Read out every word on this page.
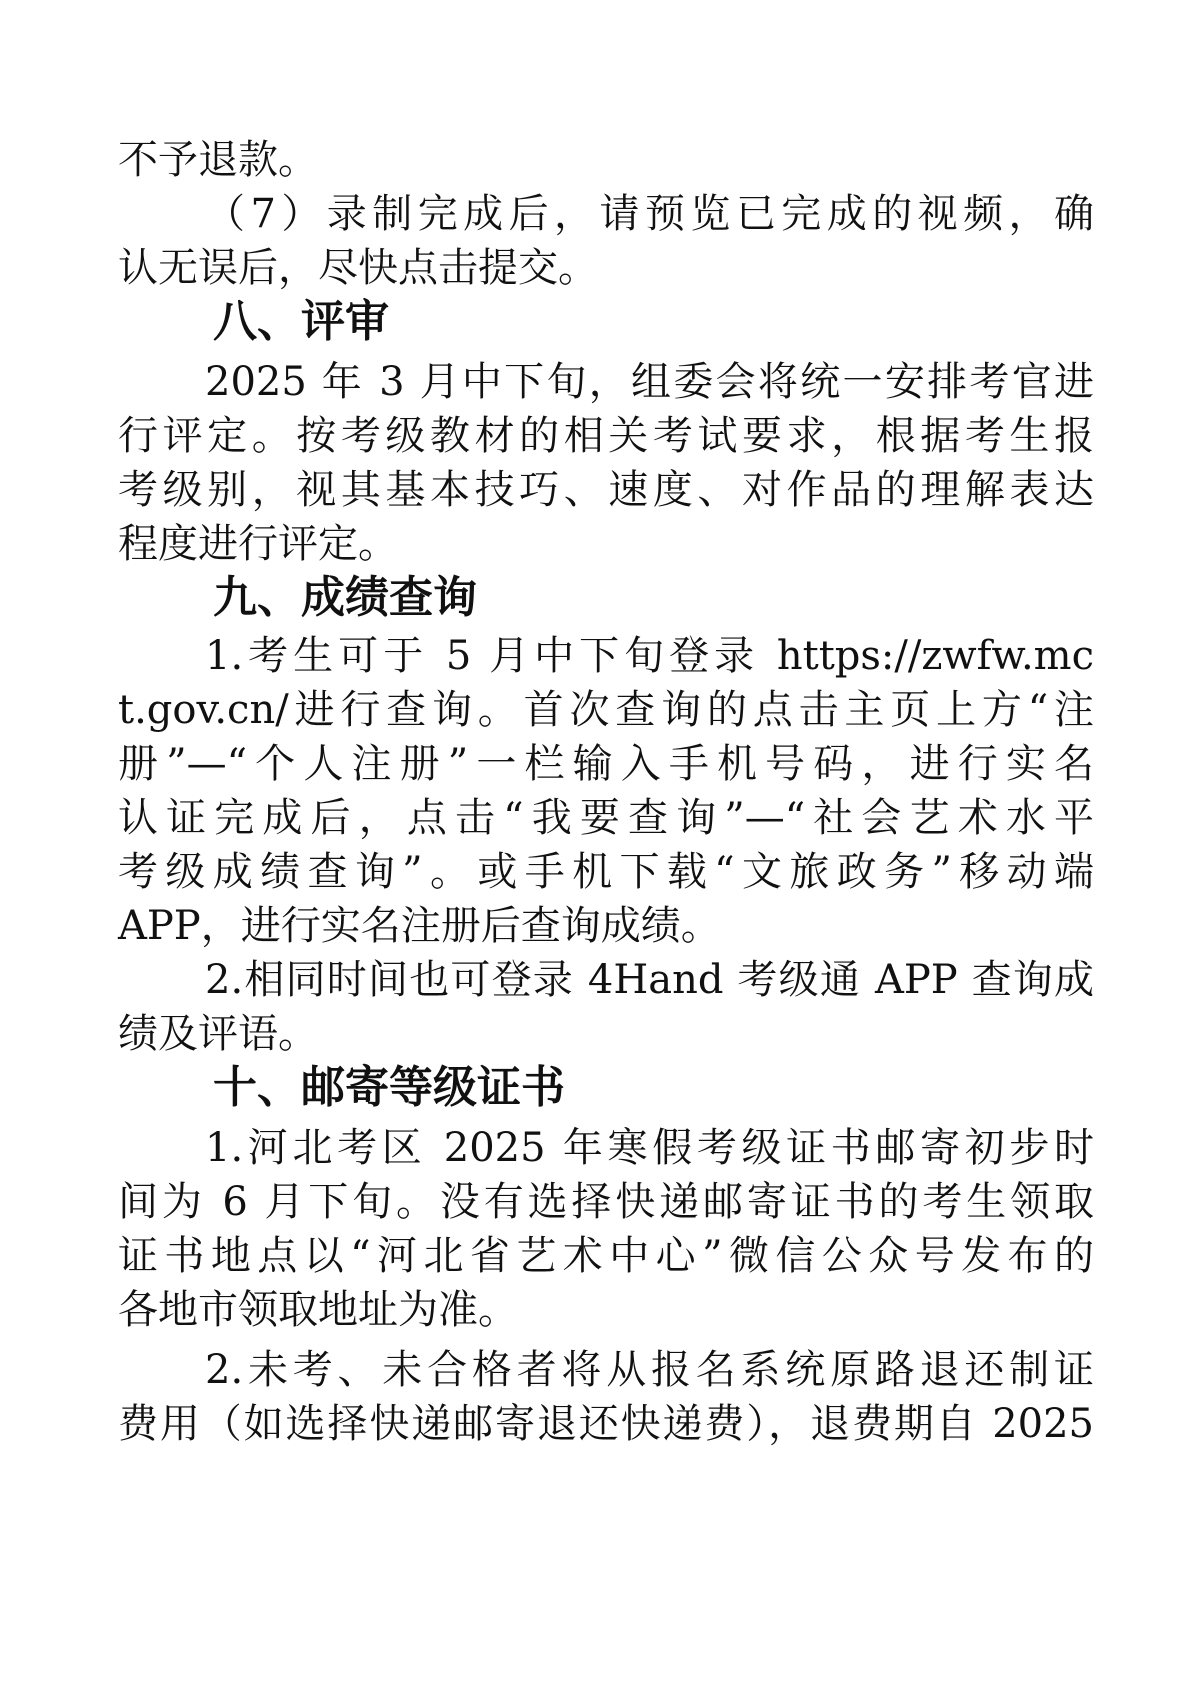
不予退款。
（7）录制完成后，请预览已完成的视频，确
认无误后，尽快点击提交。
八、评审
2025 年 3 月中下旬，组委会将统一安排考官进
行评定。按考级教材的相关考试要求，根据考生报
考级别，视其基本技巧、速度、对作品的理解表达
程度进行评定。
九、成绩查询
1.考生可于 5 月中下旬登录 https://zwfw.mc
t.gov.cn/进行查询。首次查询的点击主页上方“注
册”—“个人注册”一栏输入手机号码，进行实名
认证完成后，点击“我要查询”—“社会艺术水平
考级成绩查询”。或手机下载“文旅政务”移动端
APP，进行实名注册后查询成绩。
2.相同时间也可登录 4Hand 考级通 APP 查询成
绩及评语。
十、邮寄等级证书
1.河北考区 2025 年寒假考级证书邮寄初步时
间为 6 月下旬。没有选择快递邮寄证书的考生领取
证书地点以“河北省艺术中心”微信公众号发布的
各地市领取地址为准。
2.未考、未合格者将从报名系统原路退还制证
费用（如选择快递邮寄退还快递费），退费期自 2025
